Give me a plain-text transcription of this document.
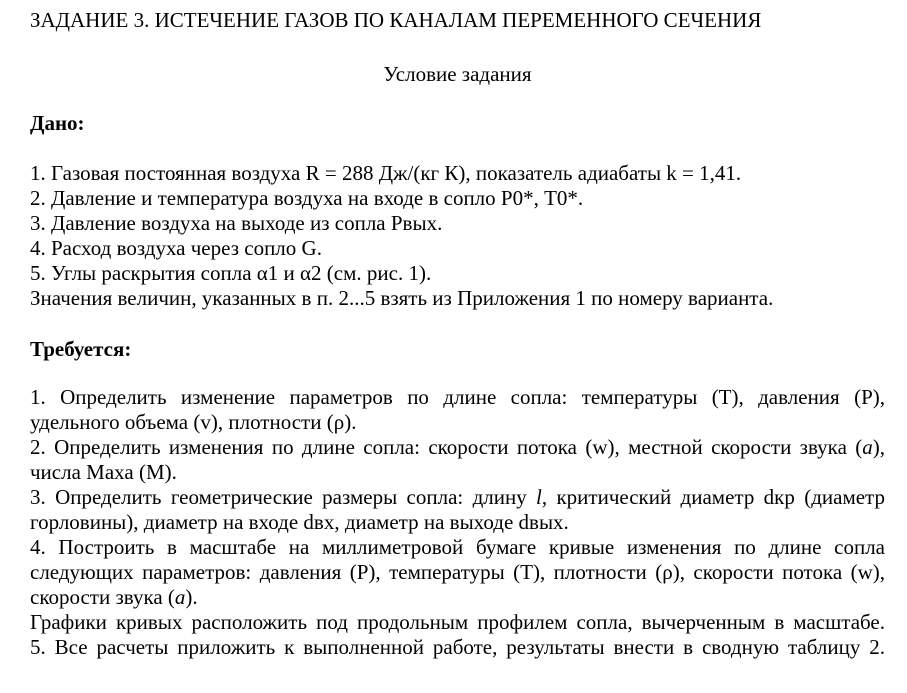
ЗАДАНИЕ 3. ИСТЕЧЕНИЕ ГАЗОВ ПО КАНАЛАМ ПЕРЕМЕННОГО СЕЧЕНИЯ
Условие задания
Дано:
1. Газовая постоянная воздуха R = 288 Дж/(кг К), показатель адиабаты k = 1,41.
2. Давление и температура воздуха на входе в сопло Р0*, Т0*.
3. Давление воздуха на выходе из сопла Рвых.
4. Расход воздуха через сопло G.
5. Углы раскрытия сопла α1 и α2 (см. рис. 1).
Значения величин, указанных в п. 2...5 взять из Приложения 1 по номеру варианта.
Требуется:
1. Определить изменение параметров по длине сопла: температуры (Т), давления (Р),
удельного объема (v), плотности (ρ).
2. Определить изменения по длине сопла: скорости потока (w), местной скорости звука (a),
числа Маха (М).
3. Определить геометрические размеры сопла: длину l, критический диаметр dкр (диаметр
горловины), диаметр на входе dвх, диаметр на выходе dвых.
4. Построить в масштабе на миллиметровой бумаге кривые изменения по длине сопла
следующих параметров: давления (Р), температуры (Т), плотности (ρ), скорости потока (w),
скорости звука (a).
Графики кривых расположить под продольным профилем сопла, вычерченным в масштабе.
5. Все расчеты приложить к выполненной работе, результаты внести в сводную таблицу 2.
